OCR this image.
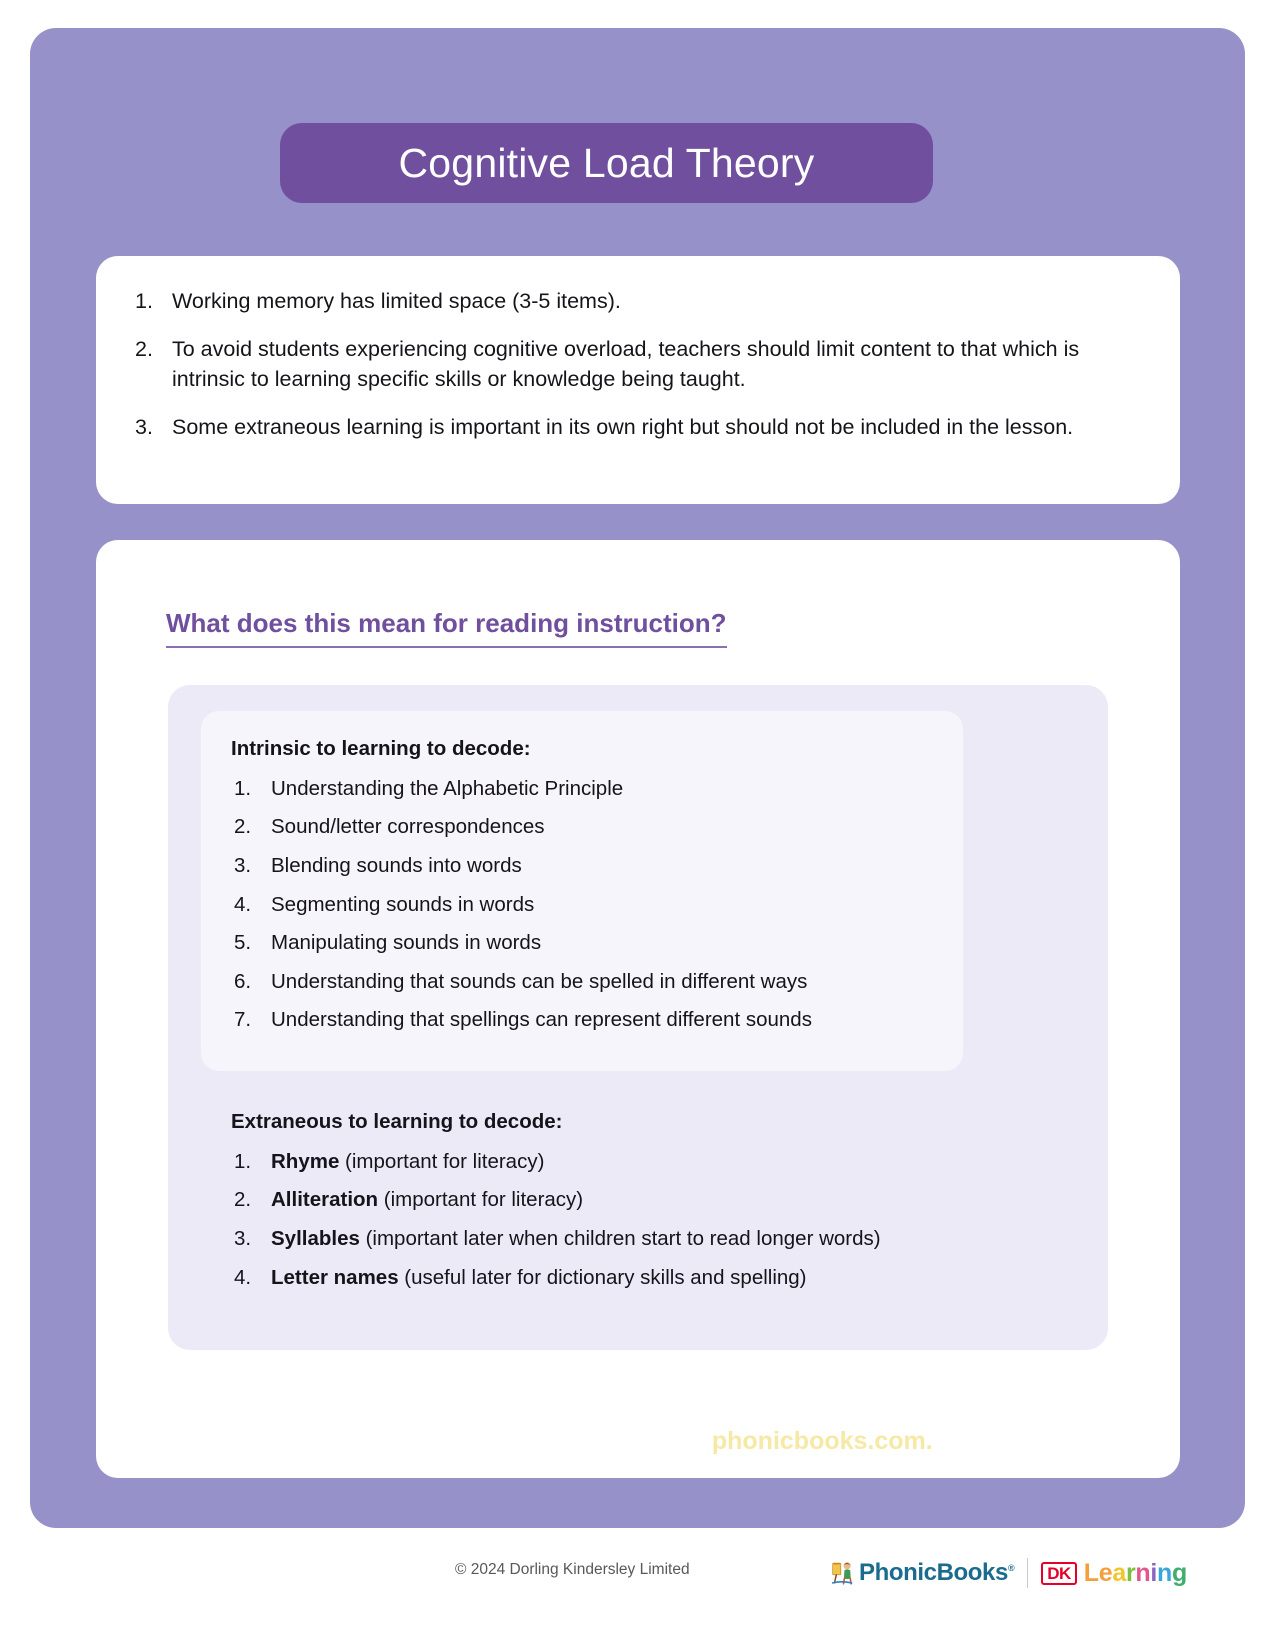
Cognitive Load Theory
Working memory has limited space (3-5 items).
To avoid students experiencing cognitive overload, teachers should limit content to that which is intrinsic to learning specific skills or knowledge being taught.
Some extraneous learning is important in its own right but should not be included in the lesson.
What does this mean for reading instruction?
Intrinsic to learning to decode:
Understanding the Alphabetic Principle
Sound/letter correspondences
Blending sounds into words
Segmenting sounds in words
Manipulating sounds in words
Understanding that sounds can be spelled in different ways
Understanding that spellings can represent different sounds
Extraneous to learning to decode:
Rhyme (important for literacy)
Alliteration (important for literacy)
Syllables (important later when children start to read longer words)
Letter names (useful later for dictionary skills and spelling)
For more information please visit phonicbooks.com.
© 2024 Dorling Kindersley Limited	PhonicBooks® DK Learning
